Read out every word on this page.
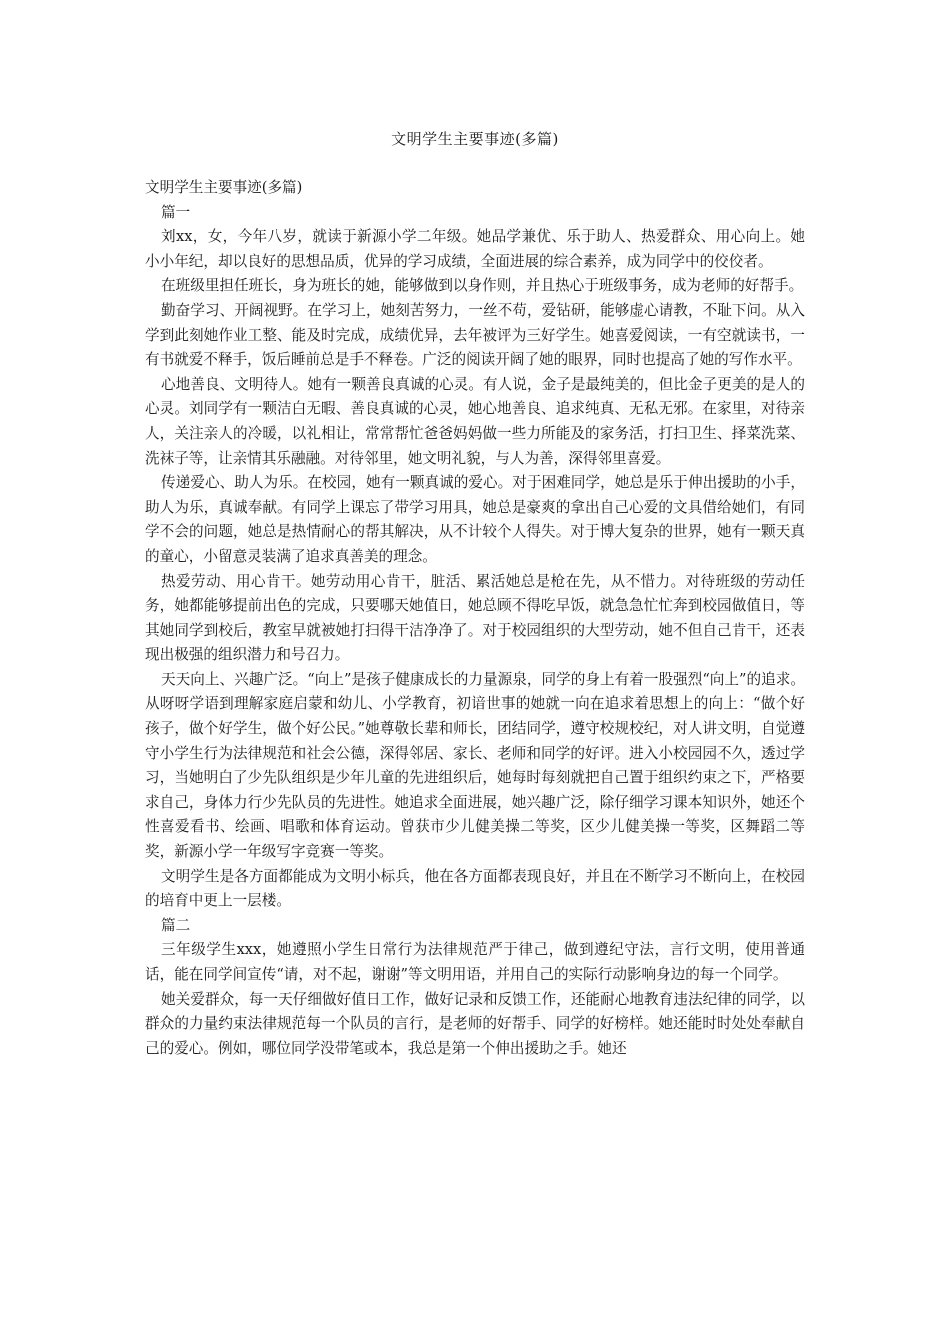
文明学生主要事迹(多篇)

文明学生主要事迹(多篇)

篇一

刘xx，女，今年八岁，就读于新源小学二年级。她品学兼优、乐于助人、热爱群众、用心向上。她小小年纪，却以良好的思想品质，优异的学习成绩，全面进展的综合素养，成为同学中的佼佼者。

在班级里担任班长，身为班长的她，能够做到以身作则，并且热心于班级事务，成为老师的好帮手。

勤奋学习、开阔视野。在学习上，她刻苦努力，一丝不苟，爱钻研，能够虚心请教，不耻下问。从入学到此刻她作业工整、能及时完成，成绩优异，去年被评为三好学生。她喜爱阅读，一有空就读书，一有书就爱不释手，饭后睡前总是手不释卷。广泛的阅读开阔了她的眼界，同时也提高了她的写作水平。

心地善良、文明待人。她有一颗善良真诚的心灵。有人说，金子是最纯美的，但比金子更美的是人的心灵。刘同学有一颗洁白无暇、善良真诚的心灵，她心地善良、追求纯真、无私无邪。在家里，对待亲人，关注亲人的冷暖，以礼相让，常常帮忙爸爸妈妈做一些力所能及的家务活，打扫卫生、择菜洗菜、洗袜子等，让亲情其乐融融。对待邻里，她文明礼貌，与人为善，深得邻里喜爱。

传递爱心、助人为乐。在校园，她有一颗真诚的爱心。对于困难同学，她总是乐于伸出援助的小手，助人为乐，真诚奉献。有同学上课忘了带学习用具，她总是豪爽的拿出自己心爱的文具借给她们，有同学不会的问题，她总是热情耐心的帮其解决，从不计较个人得失。对于博大复杂的世界，她有一颗天真的童心，小留意灵装满了追求真善美的理念。

热爱劳动、用心肯干。她劳动用心肯干，脏活、累活她总是枪在先，从不惜力。对待班级的劳动任务，她都能够提前出色的完成，只要哪天她值日，她总顾不得吃早饭，就急急忙忙奔到校园做值日，等其她同学到校后，教室早就被她打扫得干洁净净了。对于校园组织的大型劳动，她不但自己肯干，还表现出极强的组织潜力和号召力。

天天向上、兴趣广泛。“向上”是孩子健康成长的力量源泉，同学的身上有着一股强烈“向上”的追求。从呀呀学语到理解家庭启蒙和幼儿、小学教育，初谙世事的她就一向在追求着思想上的向上：“做个好孩子，做个好学生，做个好公民。”她尊敬长辈和师长，团结同学，遵守校规校纪，对人讲文明，自觉遵守小学生行为法律规范和社会公德，深得邻居、家长、老师和同学的好评。进入小校园园不久，透过学习，当她明白了少先队组织是少年儿童的先进组织后，她每时每刻就把自己置于组织约束之下，严格要求自己，身体力行少先队员的先进性。她追求全面进展，她兴趣广泛，除仔细学习课本知识外，她还个性喜爱看书、绘画、唱歌和体育运动。曾获市少儿健美操二等奖，区少儿健美操一等奖，区舞蹈二等奖，新源小学一年级写字竞赛一等奖。

文明学生是各方面都能成为文明小标兵，他在各方面都表现良好，并且在不断学习不断向上，在校园的培育中更上一层楼。

篇二

三年级学生xxx，她遵照小学生日常行为法律规范严于律己，做到遵纪守法，言行文明，使用普通话，能在同学间宣传“请，对不起，谢谢”等文明用语，并用自己的实际行动影响身边的每一个同学。

她关爱群众，每一天仔细做好值日工作，做好记录和反馈工作，还能耐心地教育违法纪律的同学，以群众的力量约束法律规范每一个队员的言行，是老师的好帮手、同学的好榜样。她还能时时处处奉献自己的爱心。例如，哪位同学没带笔或本，我总是第一个伸出援助之手。她还
